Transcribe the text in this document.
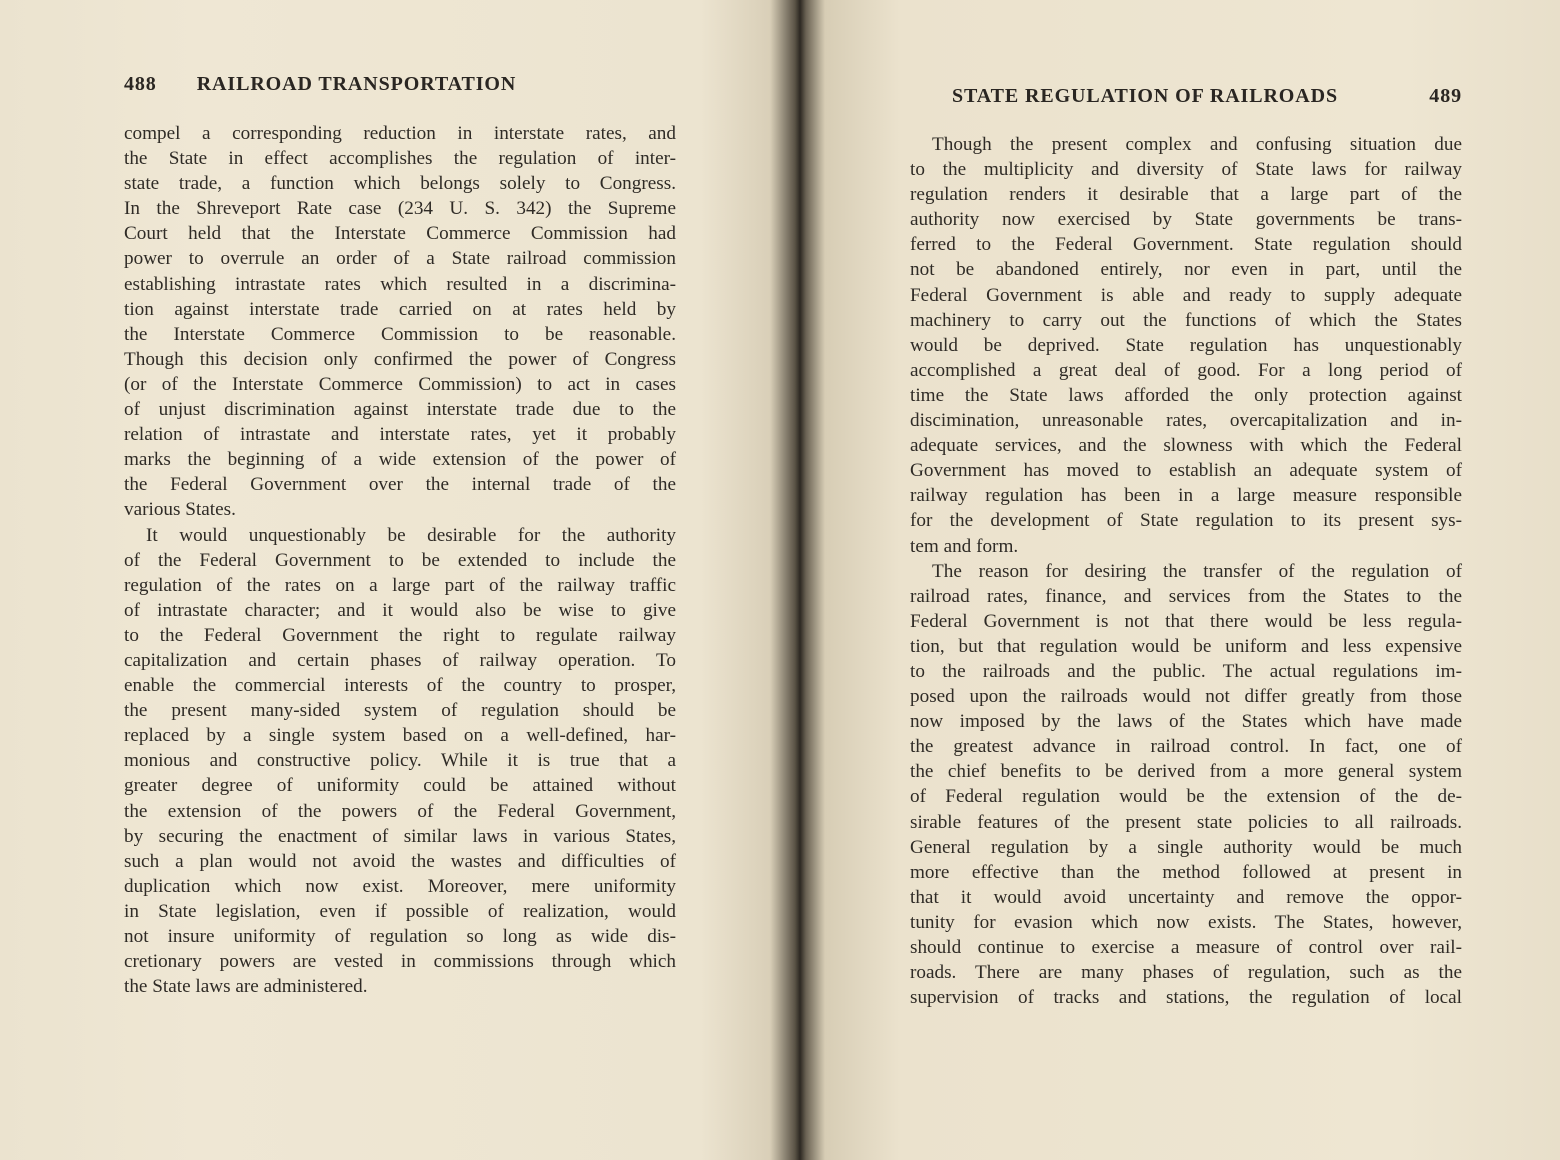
488 RAILROAD TRANSPORTATION
compel a corresponding reduction in interstate rates, and
the State in effect accomplishes the regulation of inter-
state trade, a function which belongs solely to Congress.
In the Shreveport Rate case (234 U. S. 342) the Supreme
Court held that the Interstate Commerce Commission had
power to overrule an order of a State railroad commission
establishing intrastate rates which resulted in a discrimina-
tion against interstate trade carried on at rates held by
the Interstate Commerce Commission to be reasonable.
Though this decision only confirmed the power of Congress
(or of the Interstate Commerce Commission) to act in cases
of unjust discrimination against interstate trade due to the
relation of intrastate and interstate rates, yet it probably
marks the beginning of a wide extension of the power of
the Federal Government over the internal trade of the
various States.
It would unquestionably be desirable for the authority
of the Federal Government to be extended to include the
regulation of the rates on a large part of the railway traffic
of intrastate character; and it would also be wise to give
to the Federal Government the right to regulate railway
capitalization and certain phases of railway operation. To
enable the commercial interests of the country to prosper,
the present many-sided system of regulation should be
replaced by a single system based on a well-defined, har-
monious and constructive policy. While it is true that a
greater degree of uniformity could be attained without
the extension of the powers of the Federal Government,
by securing the enactment of similar laws in various States,
such a plan would not avoid the wastes and difficulties of
duplication which now exist. Moreover, mere uniformity
in State legislation, even if possible of realization, would
not insure uniformity of regulation so long as wide dis-
cretionary powers are vested in commissions through which
the State laws are administered.
STATE REGULATION OF RAILROADS	489
Though the present complex and confusing situation due
to the multiplicity and diversity of State laws for railway
regulation renders it desirable that a large part of the
authority now exercised by State governments be trans-
ferred to the Federal Government. State regulation should
not be abandoned entirely, nor even in part, until the
Federal Government is able and ready to supply adequate
machinery to carry out the functions of which the States
would be deprived. State regulation has unquestionably
accomplished a great deal of good. For a long period of
time the State laws afforded the only protection against
discimination, unreasonable rates, overcapitalization and in-
adequate services, and the slowness with which the Federal
Government has moved to establish an adequate system of
railway regulation has been in a large measure responsible
for the development of State regulation to its present sys-
tem and form.
The reason for desiring the transfer of the regulation of
railroad rates, finance, and services from the States to the
Federal Government is not that there would be less regula-
tion, but that regulation would be uniform and less expensive
to the railroads and the public. The actual regulations im-
posed upon the railroads would not differ greatly from those
now imposed by the laws of the States which have made
the greatest advance in railroad control. In fact, one of
the chief benefits to be derived from a more general system
of Federal regulation would be the extension of the de-
sirable features of the present state policies to all railroads.
General regulation by a single authority would be much
more effective than the method followed at present in
that it would avoid uncertainty and remove the oppor-
tunity for evasion which now exists. The States, however,
should continue to exercise a measure of control over rail-
roads. There are many phases of regulation, such as the
supervision of tracks and stations, the regulation of local
